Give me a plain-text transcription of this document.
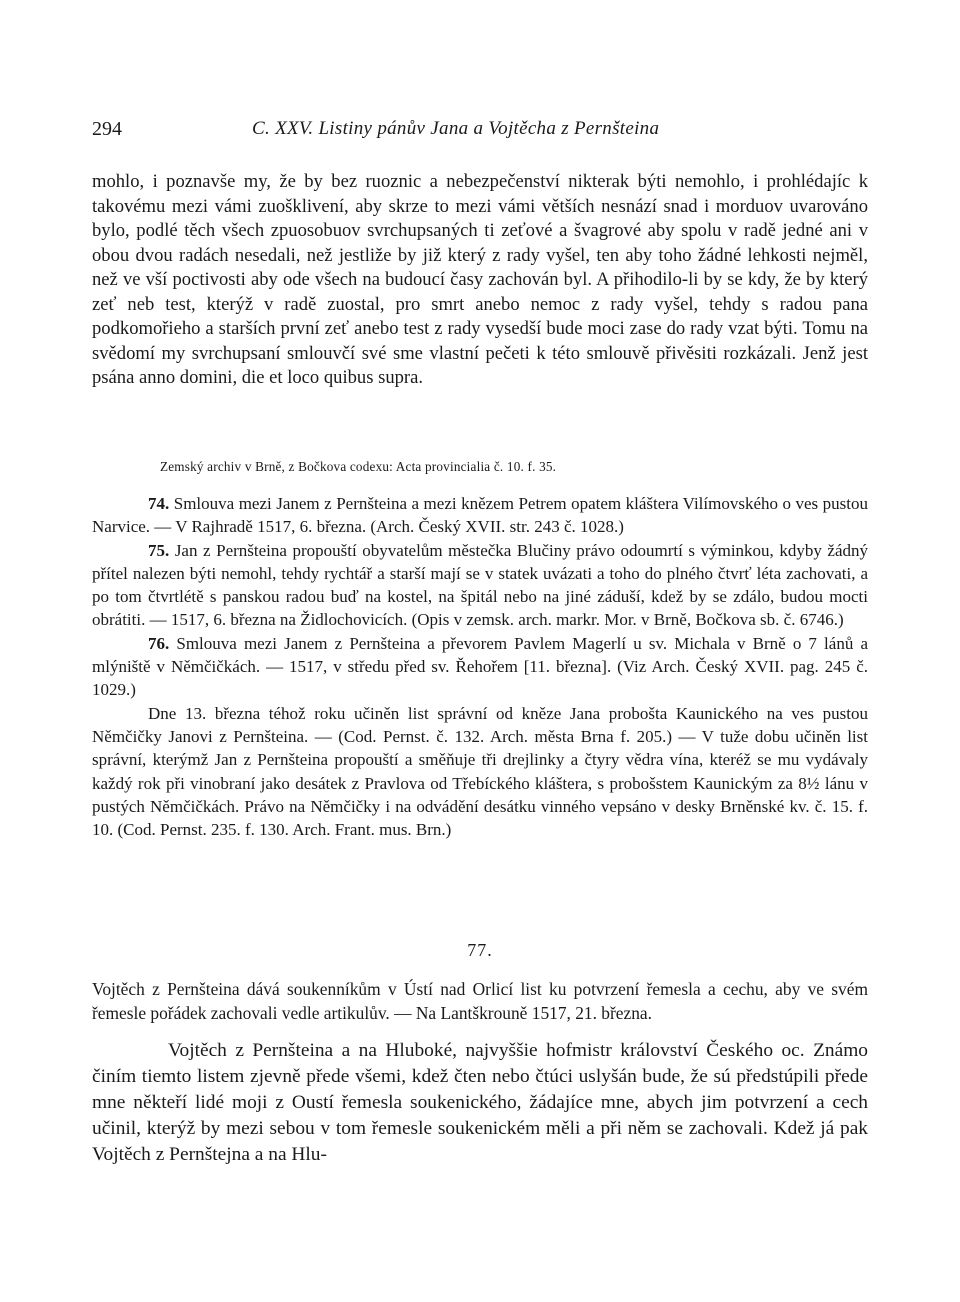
294	C. XXV. Listiny pánův Jana a Vojtěcha z Pernšteina

mohlo, i poznavše my, že by bez ruoznic a nebezpečenství nikterak býti nemohlo, i prohlédajíc k takovému mezi vámi zuošklivení, aby skrze to mezi vámi větších nesnází snad i morduov uvarováno bylo, podlé těch všech zpuosobuov svrchupsaných ti zeťové a švagrové aby spolu v radě jedné ani v obou dvou radách nesedali, než jestliže by již který z rady vyšel, ten aby toho žádné lehkosti nejměl, než ve vší poctivosti aby ode všech na budoucí časy zachován byl. A přihodilo-li by se kdy, že by který zeť neb test, kterýž v radě zuostal, pro smrt anebo nemoc z rady vyšel, tehdy s radou pana podkomořieho a starších první zeť anebo test z rady vysedší bude moci zase do rady vzat býti. Tomu na svědomí my svrchupsaní smlouvčí své sme vlastní pečeti k této smlouvě přivěsiti rozkázali. Jenž jest psána anno domini, die et loco quibus supra.

Zemský archiv v Brně, z Bočkova codexu: Acta provincialia č. 10. f. 35.

74. Smlouva mezi Janem z Pernšteina a mezi knězem Petrem opatem kláštera Vilímovského o ves pustou Narvice. — V Rajhradě 1517, 6. března. (Arch. Český XVII. str. 243 č. 1028.)

75. Jan z Pernšteina propouští obyvatelům městečka Blučiny právo odoumrtí s výminkou, kdyby žádný přítel nalezen býti nemohl, tehdy rychtář a starší mají se v statek uvázati a toho do plného čtvrť léta zachovati, a po tom čtvrtlétě s panskou radou buď na kostel, na špitál nebo na jiné záduší, kdež by se zdálo, budou mocti obrátiti. — 1517, 6. března na Židlochovicích. (Opis v zemsk. arch. markr. Mor. v Brně, Bočkova sb. č. 6746.)

76. Smlouva mezi Janem z Pernšteina a převorem Pavlem Magerlí u sv. Michala v Brně o 7 lánů a mlýniště v Němčičkách. — 1517, v středu před sv. Řehořem [11. března]. (Viz Arch. Český XVII. pag. 245 č. 1029.)

Dne 13. března téhož roku učiněn list správní od kněze Jana probošta Kaunického na ves pustou Němčičky Janovi z Pernšteina. — (Cod. Pernst. č. 132. Arch. města Brna f. 205.) — V tuže dobu učiněn list správní, kterýmž Jan z Pernšteina propouští a směňuje tři drejlinky a čtyry vědra vína, kteréž se mu vydávaly každý rok při vinobraní jako desátek z Pravlova od Třebíckého kláštera, s probošstem Kaunickým za 8½ lánu v pustých Němčičkách. Právo na Němčičky i na odvádění desátku vinného vepsáno v desky Brněnské kv. č. 15. f. 10. (Cod. Pernst. 235. f. 130. Arch. Frant. mus. Brn.)

77.

Vojtěch z Pernšteina dává soukenníkům v Ústí nad Orlicí list ku potvrzení řemesla a cechu, aby ve svém řemesle pořádek zachovali vedle artikulův. — Na Lantškrouně 1517, 21. března.

Vojtěch z Pernšteina a na Hluboké, najvyššie hofmistr království Českého oc. Známo činím tiemto listem zjevně přede všemi, kdež čten nebo čtúci uslyšán bude, že sú předstúpili přede mne někteří lidé moji z Oustí řemesla soukenického, žádajíce mne, abych jim potvrzení a cech učinil, kterýž by mezi sebou v tom řemesle soukenickém měli a při něm se zachovali. Kdež já pak Vojtěch z Pernštejna a na Hlu-
